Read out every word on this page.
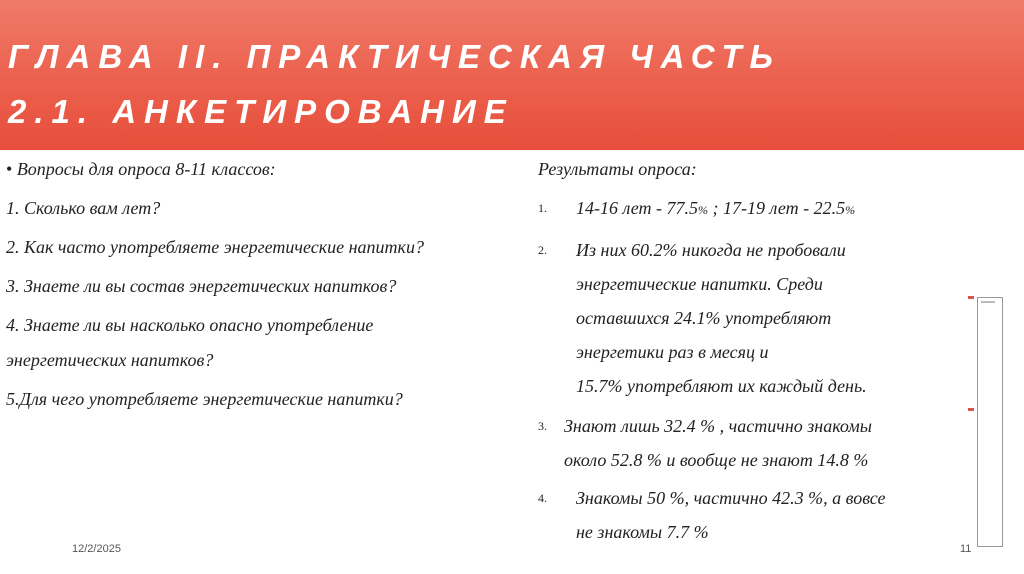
ГЛАВА II. ПРАКТИЧЕСКАЯ ЧАСТЬ
2.1. АНКЕТИРОВАНИЕ

• Вопросы для опроса 8-11 классов:

1. Сколько вам лет?

2. Как часто употребляете энергетические напитки?

3. Знаете ли вы состав энергетических напитков?

4. Знаете ли вы насколько опасно употребление энергетических напитков?

5.Для чего употребляете энергетические напитки?

Результаты опроса:

1.	14-16 лет - 77.5% ; 17-19 лет - 22.5%
2.	Из них 60.2% никогда не пробовали
энергетические напитки. Среди
оставшихся 24.1% употребляют
энергетики раз в месяц и
15.7% употребляют их каждый день.
3. Знают лишь 32.4 % , частично знакомы
около 52.8 % и вообще не знают 14.8 %
4.	Знакомы 50 %, частично 42.3 %, а вовсе
не знакомы 7.7 %
12/2/2025	11
